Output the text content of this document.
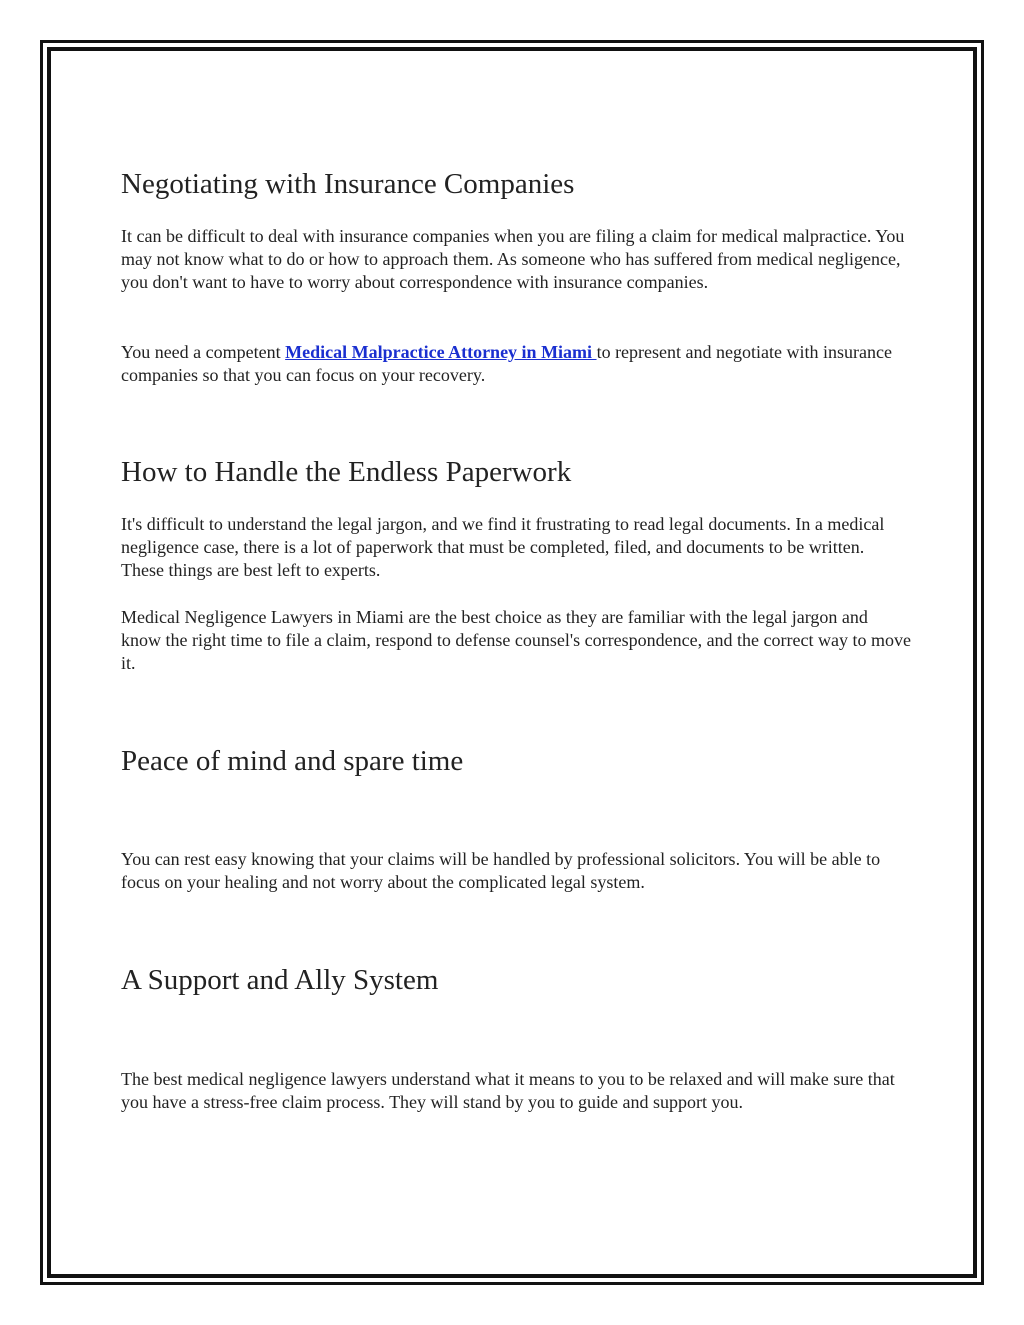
Negotiating with Insurance Companies

It can be difficult to deal with insurance companies when you are filing a claim for medical malpractice. You may not know what to do or how to approach them. As someone who has suffered from medical negligence, you don't want to have to worry about correspondence with insurance companies.

You need a competent Medical Malpractice Attorney in Miami to represent and negotiate with insurance companies so that you can focus on your recovery.

How to Handle the Endless Paperwork

It's difficult to understand the legal jargon, and we find it frustrating to read legal documents. In a medical negligence case, there is a lot of paperwork that must be completed, filed, and documents to be written. These things are best left to experts.

Medical Negligence Lawyers in Miami are the best choice as they are familiar with the legal jargon and know the right time to file a claim, respond to defense counsel's correspondence, and the correct way to move it.

Peace of mind and spare time

You can rest easy knowing that your claims will be handled by professional solicitors. You will be able to focus on your healing and not worry about the complicated legal system.

A Support and Ally System

The best medical negligence lawyers understand what it means to you to be relaxed and will make sure that you have a stress-free claim process. They will stand by you to guide and support you.
